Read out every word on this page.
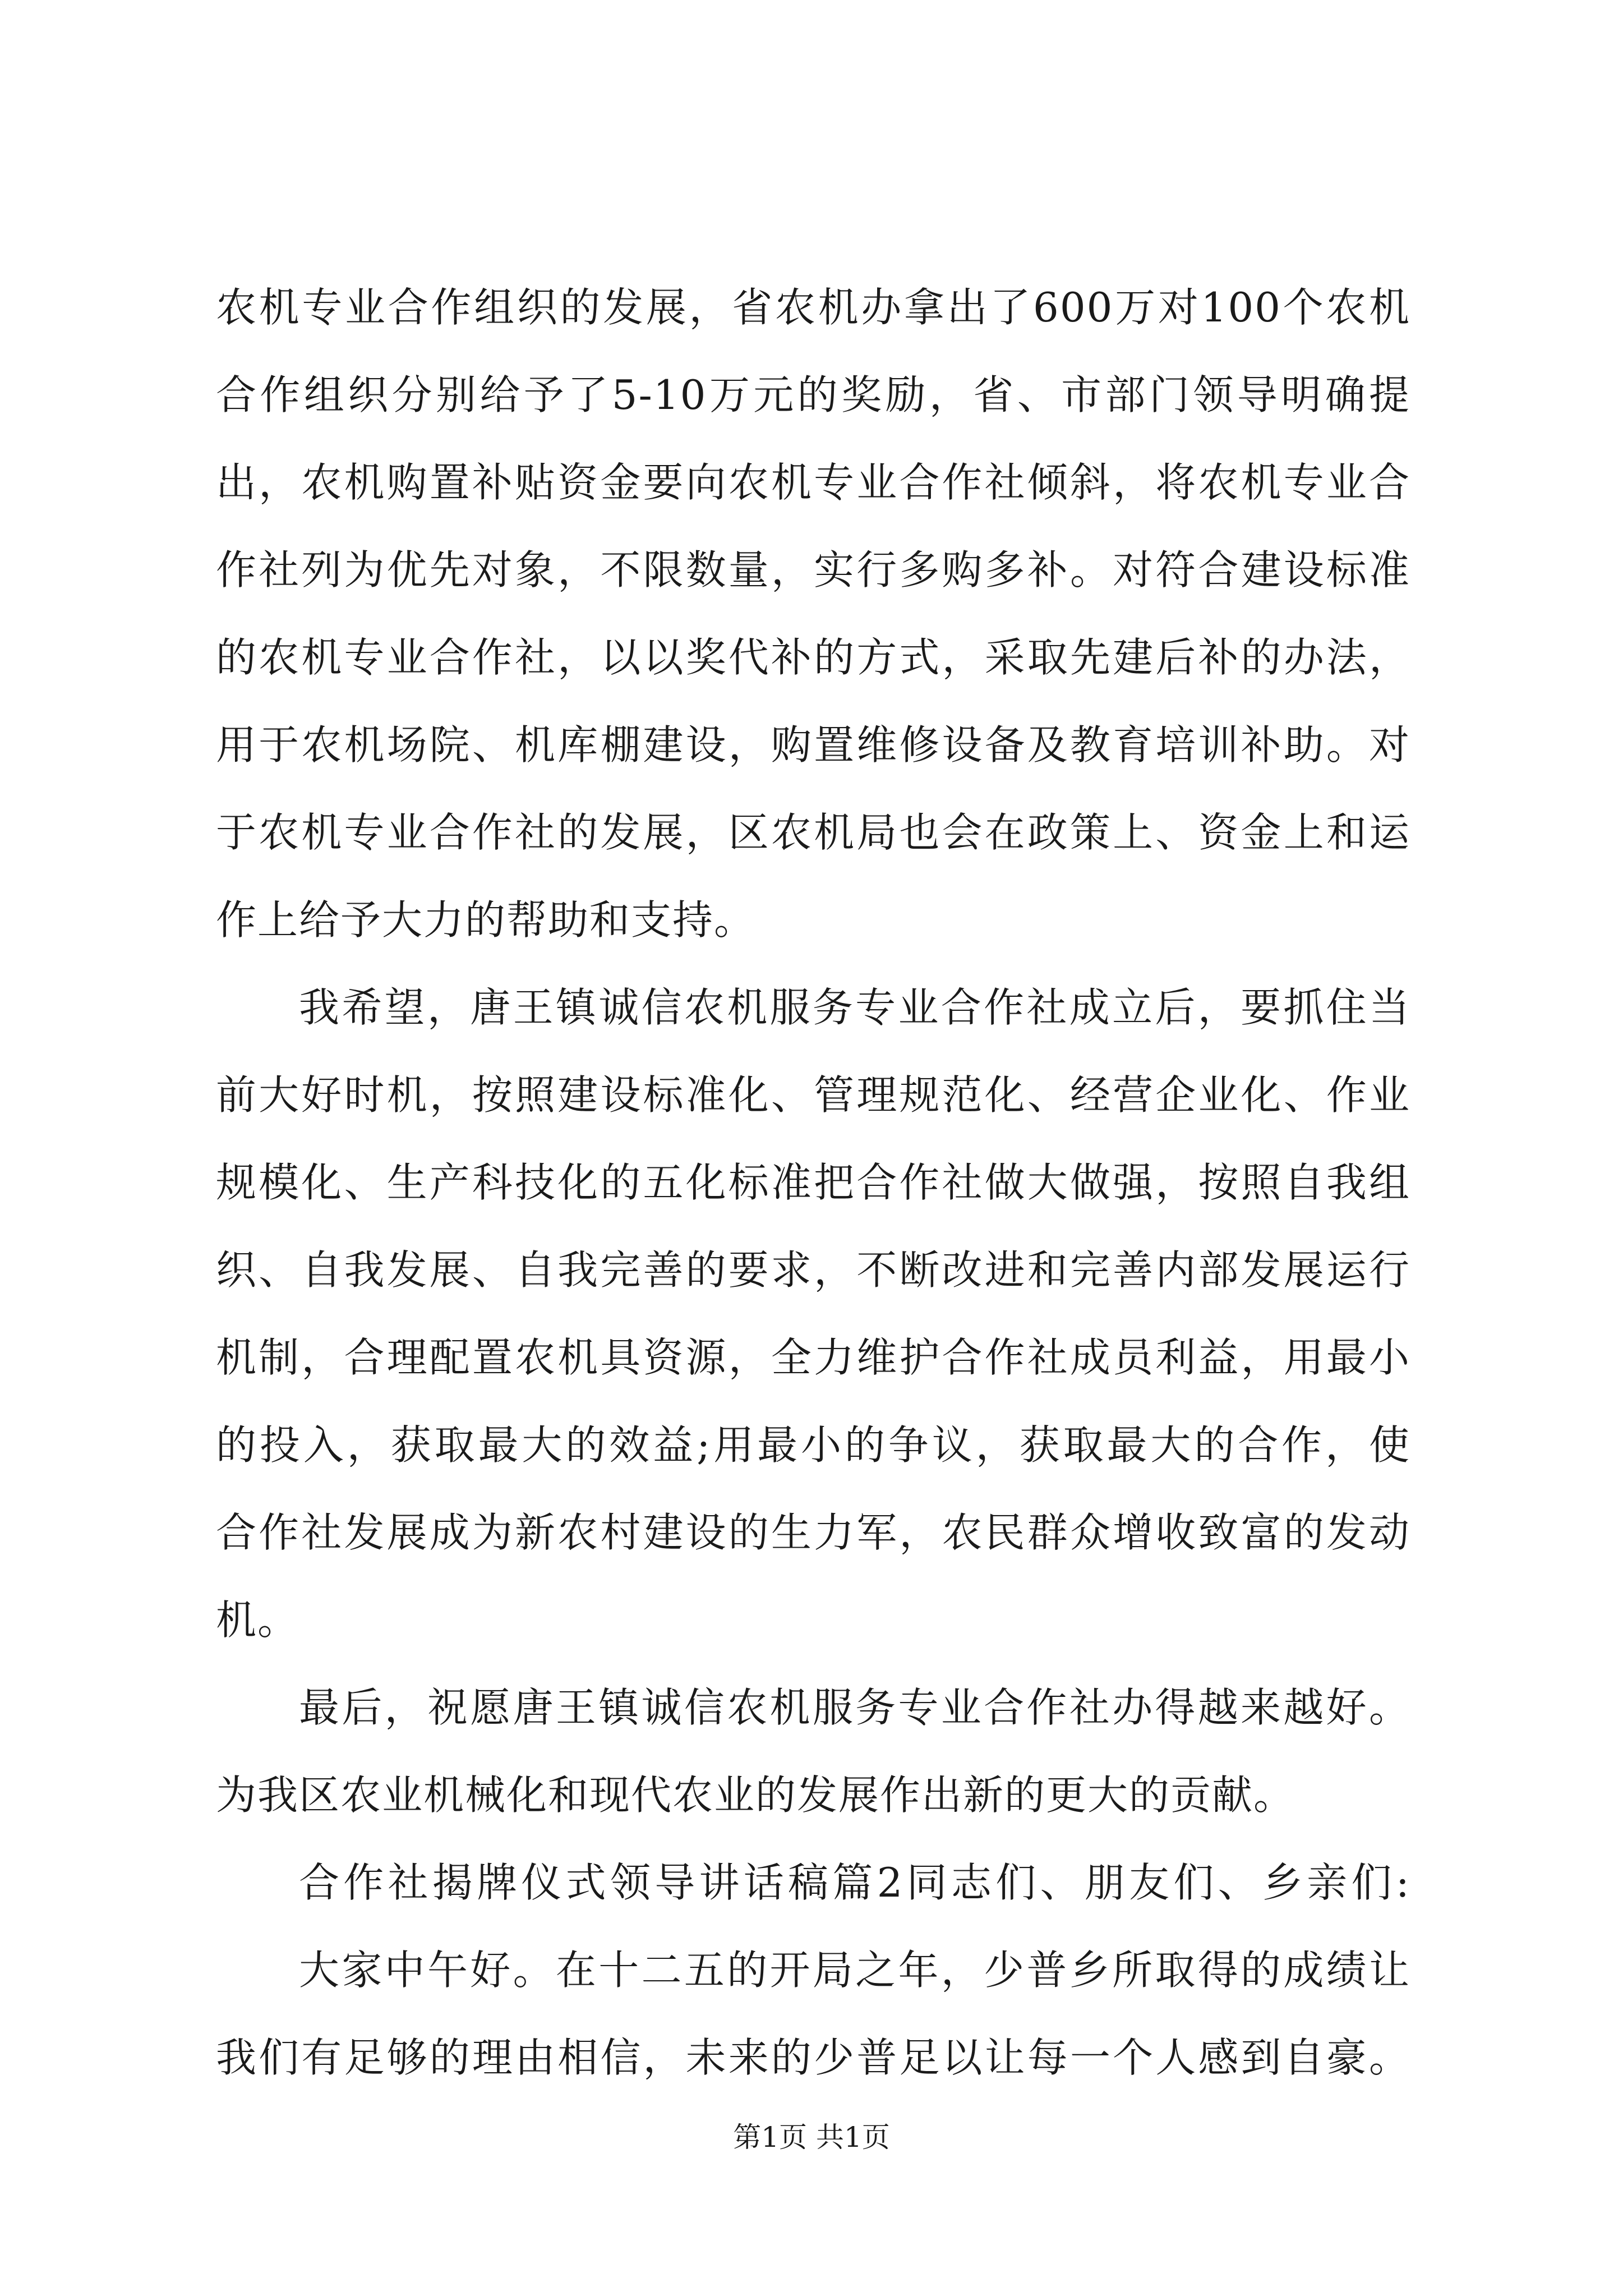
农机专业合作组织的发展，省农机办拿出了600万对100个农机
合作组织分别给予了5-10万元的奖励，省、市部门领导明确提
出，农机购置补贴资金要向农机专业合作社倾斜，将农机专业合
作社列为优先对象，不限数量，实行多购多补。对符合建设标准
的农机专业合作社，以以奖代补的方式，采取先建后补的办法，
用于农机场院、机库棚建设，购置维修设备及教育培训补助。对
于农机专业合作社的发展，区农机局也会在政策上、资金上和运
作上给予大力的帮助和支持。
我希望，唐王镇诚信农机服务专业合作社成立后，要抓住当
前大好时机，按照建设标准化、管理规范化、经营企业化、作业
规模化、生产科技化的五化标准把合作社做大做强，按照自我组
织、自我发展、自我完善的要求，不断改进和完善内部发展运行
机制，合理配置农机具资源，全力维护合作社成员利益，用最小
的投入，获取最大的效益;用最小的争议，获取最大的合作，使
合作社发展成为新农村建设的生力军，农民群众增收致富的发动
机。
最后，祝愿唐王镇诚信农机服务专业合作社办得越来越好。
为我区农业机械化和现代农业的发展作出新的更大的贡献。
合作社揭牌仪式领导讲话稿篇2同志们、朋友们、乡亲们:
大家中午好。在十二五的开局之年，少普乡所取得的成绩让
我们有足够的理由相信，未来的少普足以让每一个人感到自豪。
第1页 共1页
